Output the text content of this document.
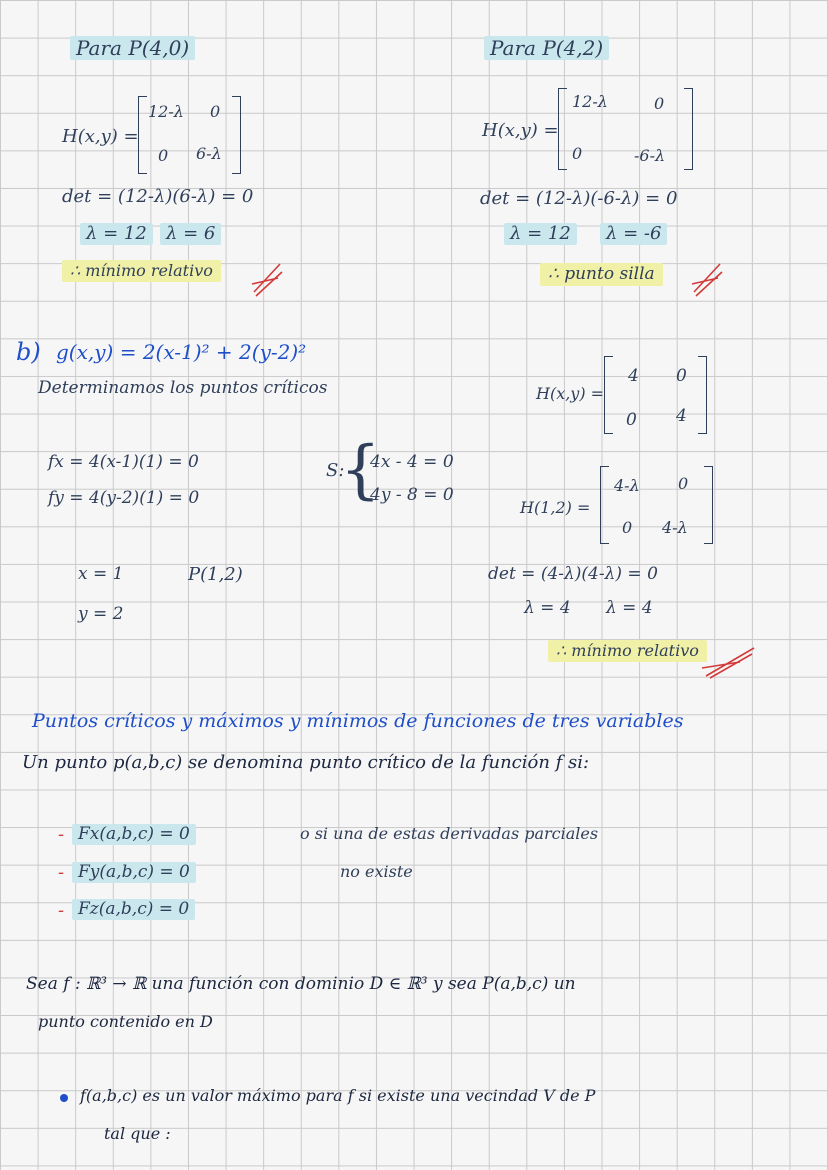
Para P(4,0)
H(x,y) =
12-λ 0
0 6-λ
det = (12-λ)(6-λ) = 0
λ = 12	λ = 6
∴ mínimo relativo
Para P(4,2)
H(x,y) =
12-λ	0
0	-6-λ
det = (12-λ)(-6-λ) = 0
λ = 12	λ = -6
∴ punto silla
b) g(x,y) = 2(x-1)² + 2(y-2)²
Determinamos los puntos críticos
fx = 4(x-1)(1) = 0
fy = 4(y-2)(1) = 0
S:
{
4x - 4 = 0
4y - 8 = 0
x = 1
y = 2
P(1,2)
H(x,y) =
4 0
0 4
H(1,2) =
4-λ 0
0 4-λ
det = (4-λ)(4-λ) = 0
λ = 4 λ = 4
∴ mínimo relativo
Puntos críticos y máximos y mínimos de funciones de tres variables
Un punto p(a,b,c) se denomina punto crítico de la función f si:
- Fx(a,b,c) = 0
- Fy(a,b,c) = 0
- Fz(a,b,c) = 0
o si una de estas derivadas parciales
no existe
Sea f : ℝ³ → ℝ una función con dominio D ∈ ℝ³ y sea P(a,b,c) un
punto contenido en D
f(a,b,c) es un valor máximo para f si existe una vecindad V de P
tal que :
